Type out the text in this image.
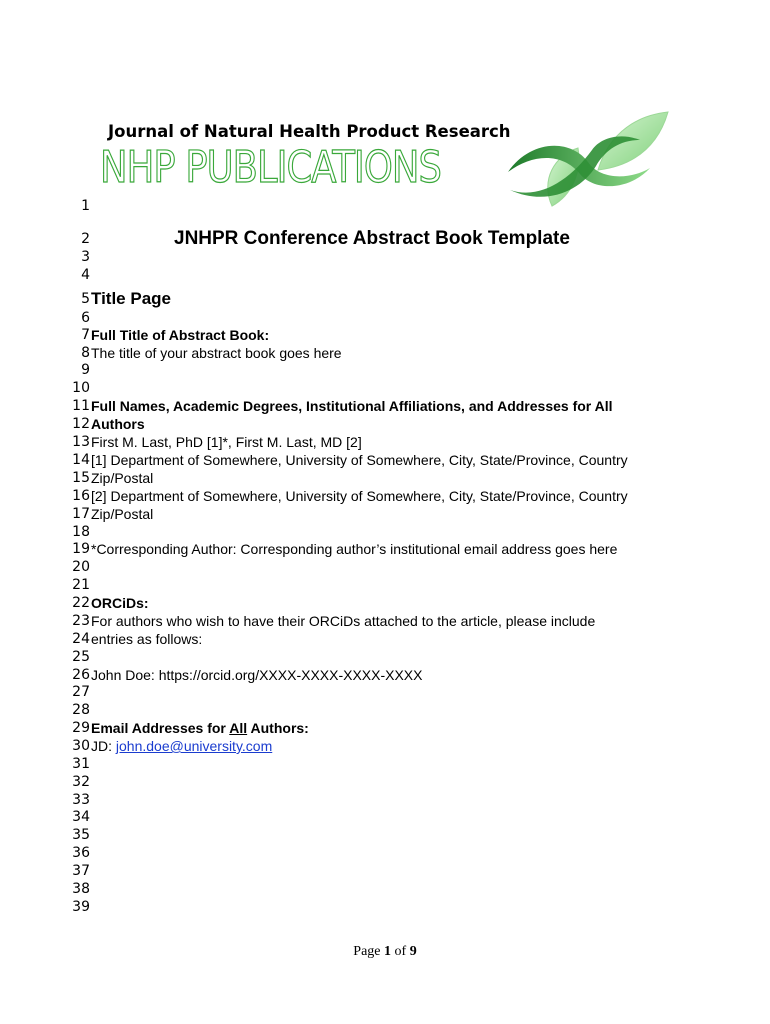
Journal of Natural Health Product Research
NHP PUBLICATIONS
1
2
3
4
5
6
7
8
9
10
11
12
13
14
15
16
17
18
19
20
21
22
23
24
25
26
27
28
29
30
31
32
33
34
35
36
37
38
39
JNHPR Conference Abstract Book Template
Title Page
Full Title of Abstract Book:
The title of your abstract book goes here
Full Names, Academic Degrees, Institutional Affiliations, and Addresses for All
Authors
First M. Last, PhD [1]*, First M. Last, MD [2]
[1] Department of Somewhere, University of Somewhere, City, State/Province, Country
Zip/Postal
[2] Department of Somewhere, University of Somewhere, City, State/Province, Country
Zip/Postal
*Corresponding Author: Corresponding author’s institutional email address goes here
ORCiDs:
For authors who wish to have their ORCiDs attached to the article, please include
entries as follows:
John Doe: https://orcid.org/XXXX-XXXX-XXXX-XXXX
Email Addresses for All Authors:
JD: john.doe@university.com
Page 1 of 9
